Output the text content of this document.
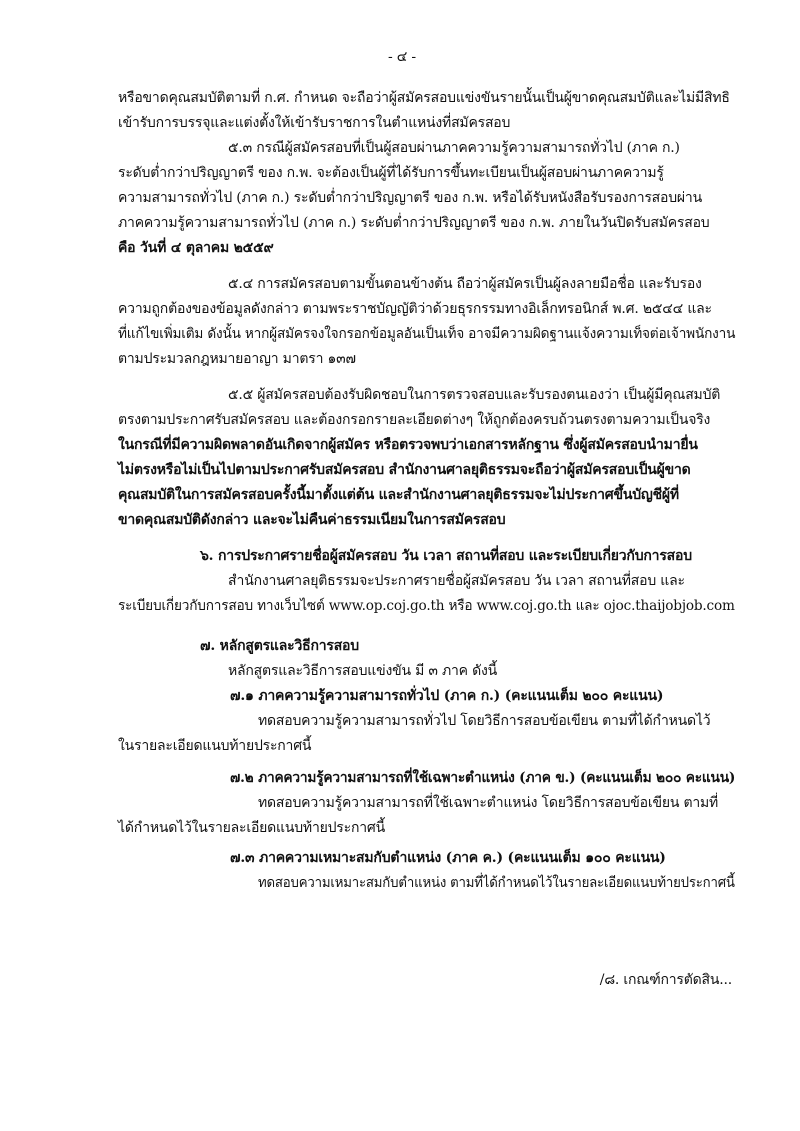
- ๔ -
หรือขาดคุณสมบัติตามที่ ก.ศ. กำหนด จะถือว่าผู้สมัครสอบแข่งขันรายนั้นเป็นผู้ขาดคุณสมบัติและไม่มีสิทธิ
เข้ารับการบรรจุและแต่งตั้งให้เข้ารับราชการในตำแหน่งที่สมัครสอบ
๕.๓ กรณีผู้สมัครสอบที่เป็นผู้สอบผ่านภาคความรู้ความสามารถทั่วไป (ภาค ก.)
ระดับต่ำกว่าปริญญาตรี ของ ก.พ. จะต้องเป็นผู้ที่ได้รับการขึ้นทะเบียนเป็นผู้สอบผ่านภาคความรู้
ความสามารถทั่วไป (ภาค ก.) ระดับต่ำกว่าปริญญาตรี ของ ก.พ. หรือได้รับหนังสือรับรองการสอบผ่าน
ภาคความรู้ความสามารถทั่วไป (ภาค ก.) ระดับต่ำกว่าปริญญาตรี ของ ก.พ. ภายในวันปิดรับสมัครสอบ
คือ วันที่ ๔ ตุลาคม ๒๕๕๙
๕.๔ การสมัครสอบตามขั้นตอนข้างต้น ถือว่าผู้สมัครเป็นผู้ลงลายมือชื่อ และรับรอง
ความถูกต้องของข้อมูลดังกล่าว ตามพระราชบัญญัติว่าด้วยธุรกรรมทางอิเล็กทรอนิกส์ พ.ศ. ๒๕๔๔ และ
ที่แก้ไขเพิ่มเติม ดังนั้น หากผู้สมัครจงใจกรอกข้อมูลอันเป็นเท็จ อาจมีความผิดฐานแจ้งความเท็จต่อเจ้าพนักงาน
ตามประมวลกฎหมายอาญา มาตรา ๑๓๗
๕.๕ ผู้สมัครสอบต้องรับผิดชอบในการตรวจสอบและรับรองตนเองว่า เป็นผู้มีคุณสมบัติ
ตรงตามประกาศรับสมัครสอบ และต้องกรอกรายละเอียดต่างๆ ให้ถูกต้องครบถ้วนตรงตามความเป็นจริง
ในกรณีที่มีความผิดพลาดอันเกิดจากผู้สมัคร หรือตรวจพบว่าเอกสารหลักฐาน ซึ่งผู้สมัครสอบนำมายื่น
ไม่ตรงหรือไม่เป็นไปตามประกาศรับสมัครสอบ สำนักงานศาลยุติธรรมจะถือว่าผู้สมัครสอบเป็นผู้ขาด
คุณสมบัติในการสมัครสอบครั้งนี้มาตั้งแต่ต้น และสำนักงานศาลยุติธรรมจะไม่ประกาศขึ้นบัญชีผู้ที่
ขาดคุณสมบัติดังกล่าว และจะไม่คืนค่าธรรมเนียมในการสมัครสอบ
๖. การประกาศรายชื่อผู้สมัครสอบ วัน เวลา สถานที่สอบ และระเบียบเกี่ยวกับการสอบ
สำนักงานศาลยุติธรรมจะประกาศรายชื่อผู้สมัครสอบ วัน เวลา สถานที่สอบ และ
ระเบียบเกี่ยวกับการสอบ ทางเว็บไซต์ www.op.coj.go.th หรือ www.coj.go.th และ ojoc.thaijobjob.com
๗. หลักสูตรและวิธีการสอบ
หลักสูตรและวิธีการสอบแข่งขัน มี ๓ ภาค ดังนี้
๗.๑ ภาคความรู้ความสามารถทั่วไป (ภาค ก.) (คะแนนเต็ม ๒๐๐ คะแนน)
ทดสอบความรู้ความสามารถทั่วไป โดยวิธีการสอบข้อเขียน ตามที่ได้กำหนดไว้
ในรายละเอียดแนบท้ายประกาศนี้
๗.๒ ภาคความรู้ความสามารถที่ใช้เฉพาะตำแหน่ง (ภาค ข.) (คะแนนเต็ม ๒๐๐ คะแนน)
ทดสอบความรู้ความสามารถที่ใช้เฉพาะตำแหน่ง โดยวิธีการสอบข้อเขียน ตามที่
ได้กำหนดไว้ในรายละเอียดแนบท้ายประกาศนี้
๗.๓ ภาคความเหมาะสมกับตำแหน่ง (ภาค ค.) (คะแนนเต็ม ๑๐๐ คะแนน)
ทดสอบความเหมาะสมกับตำแหน่ง ตามที่ได้กำหนดไว้ในรายละเอียดแนบท้ายประกาศนี้
/๘. เกณฑ์การตัดสิน...
